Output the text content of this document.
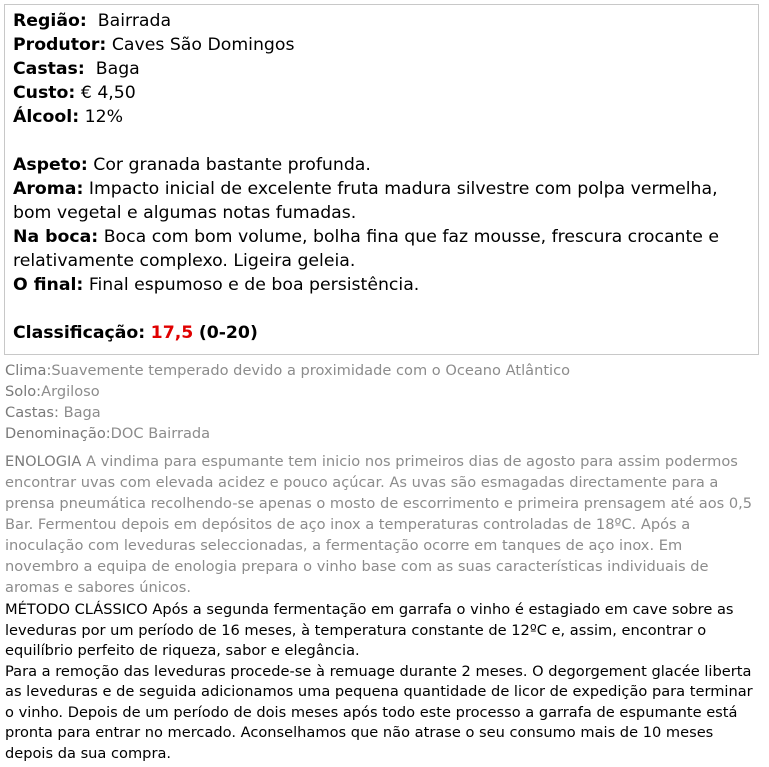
Região: Bairrada
Produtor: Caves São Domingos
Castas: Baga
Custo: € 4,50
Álcool: 12%
Aspeto: Cor granada bastante profunda.
Aroma: Impacto inicial de excelente fruta madura silvestre com polpa vermelha, bom vegetal e algumas notas fumadas.
Na boca: Boca com bom volume, bolha fina que faz mousse, frescura crocante e relativamente complexo. Ligeira geleia.
O final: Final espumoso e de boa persistência.
Classificação: 17,5 (0-20)
Clima:Suavemente temperado devido a proximidade com o Oceano Atlântico
Solo:Argiloso
Castas: Baga
Denominação:DOC Bairrada
ENOLOGIA A vindima para espumante tem inicio nos primeiros dias de agosto para assim podermos encontrar uvas com elevada acidez e pouco açúcar. As uvas são esmagadas directamente para a prensa pneumática recolhendo-se apenas o mosto de escorrimento e primeira prensagem até aos 0,5 Bar. Fermentou depois em depósitos de aço inox a temperaturas controladas de 18ºC. Após a inoculação com leveduras seleccionadas, a fermentação ocorre em tanques de aço inox. Em novembro a equipa de enologia prepara o vinho base com as suas características individuais de aromas e sabores únicos.
MÉTODO CLÁSSICO Após a segunda fermentação em garrafa o vinho é estagiado em cave sobre as leveduras por um período de 16 meses, à temperatura constante de 12ºC e, assim, encontrar o equilíbrio perfeito de riqueza, sabor e elegância.
Para a remoção das leveduras procede-se à remuage durante 2 meses. O degorgement glacée liberta as leveduras e de seguida adicionamos uma pequena quantidade de licor de expedição para terminar o vinho. Depois de um período de dois meses após todo este processo a garrafa de espumante está pronta para entrar no mercado. Aconselhamos que não atrase o seu consumo mais de 10 meses depois da sua compra.
